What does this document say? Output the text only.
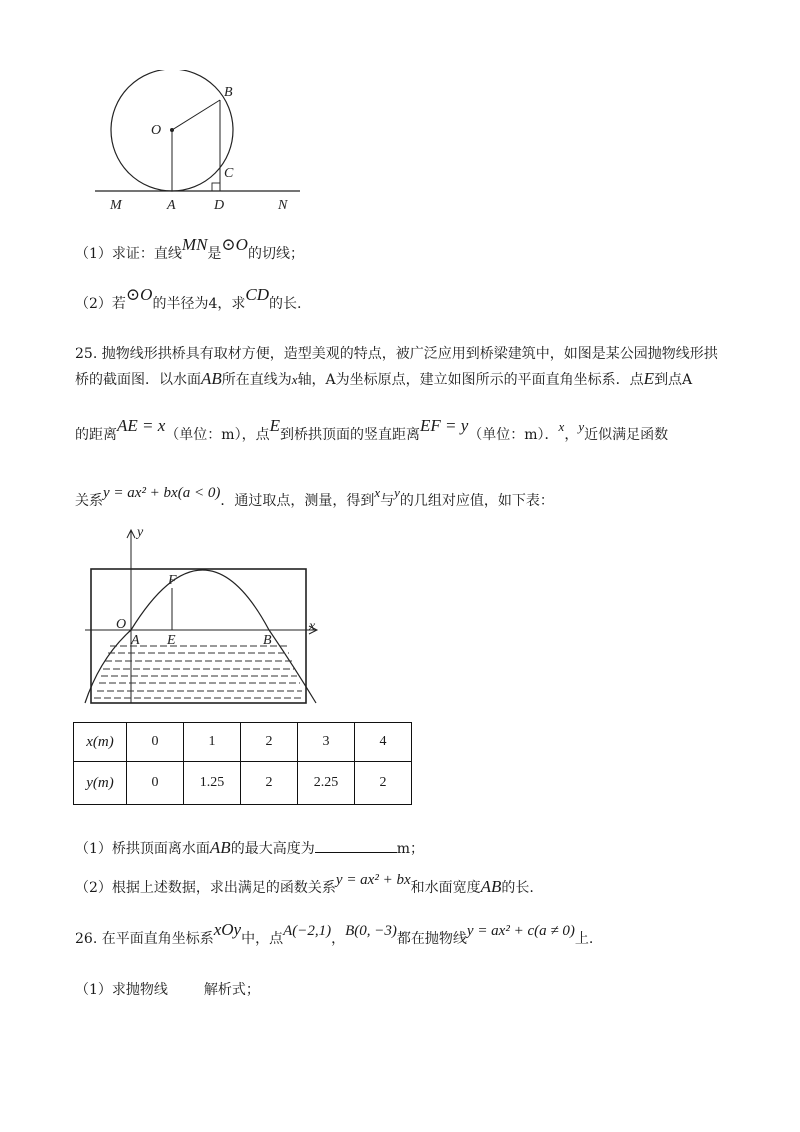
O
B
C
M	A	D	N
（1）求证：直线MN是⊙O的切线；
（2）若⊙O的半径为4，求CD的长.
25. 抛物线形拱桥具有取材方便，造型美观的特点，被广泛应用到桥梁建筑中，如图是某公园抛物线形拱
桥的截面图．以水面AB所在直线为x轴，A为坐标原点，建立如图所示的平面直角坐标系．点E到点A
的距离AE = x（单位：m），点E到桥拱顶面的竖直距离EF = y（单位：m）．x，y近似满足函数
关系y = ax² + bx(a < 0)．通过取点，测量，得到x与y的几组对应值，如下表：
y
x
O
F
A E	B
x(m)	0	1	2	3	4
y(m)	0	1.25	2	2.25	2
（1）桥拱顶面离水面AB的最大高度为	m；
（2）根据上述数据，求出满足的函数关系y = ax² + bx和水面宽度AB的长.
26. 在平面直角坐标系xOy中，点A(−2,1)，B(0, −3)都在抛物线y = ax² + c(a ≠ 0)上.
（1）求抛物线	解析式；
